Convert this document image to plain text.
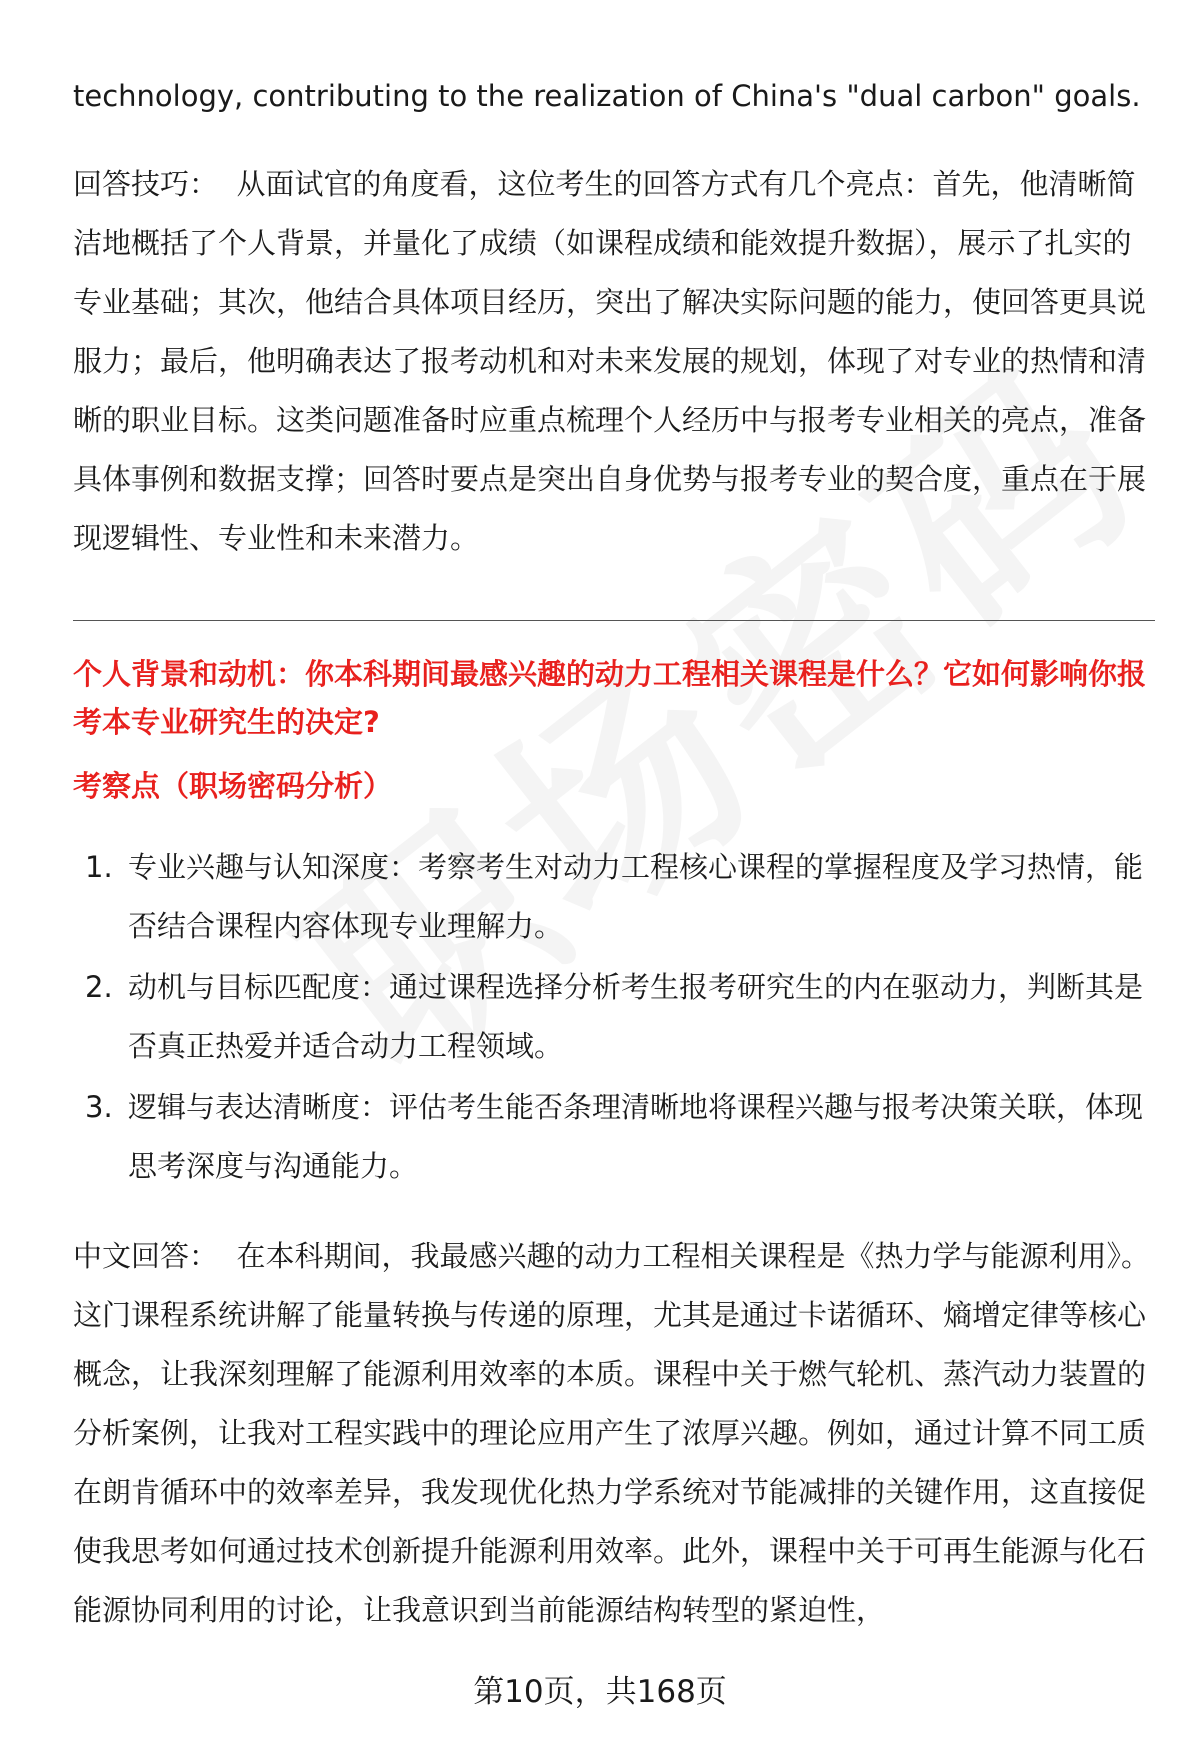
technology, contributing to the realization of China's "dual carbon" goals.

回答技巧： 从面试官的角度看，这位考生的回答方式有几个亮点：首先，他清晰简洁地概括了个人背景，并量化了成绩（如课程成绩和能效提升数据），展示了扎实的专业基础；其次，他结合具体项目经历，突出了解决实际问题的能力，使回答更具说服力；最后，他明确表达了报考动机和对未来发展的规划，体现了对专业的热情和清晰的职业目标。这类问题准备时应重点梳理个人经历中与报考专业相关的亮点，准备具体事例和数据支撑；回答时要点是突出自身优势与报考专业的契合度，重点在于展现逻辑性、专业性和未来潜力。

个人背景和动机：你本科期间最感兴趣的动力工程相关课程是什么？它如何影响你报考本专业研究生的决定?

考察点（职场密码分析）

1. 专业兴趣与认知深度：考察考生对动力工程核心课程的掌握程度及学习热情，能否结合课程内容体现专业理解力。
2. 动机与目标匹配度：通过课程选择分析考生报考研究生的内在驱动力，判断其是否真正热爱并适合动力工程领域。
3. 逻辑与表达清晰度：评估考生能否条理清晰地将课程兴趣与报考决策关联，体现思考深度与沟通能力。

中文回答： 在本科期间，我最感兴趣的动力工程相关课程是《热力学与能源利用》。这门课程系统讲解了能量转换与传递的原理，尤其是通过卡诺循环、熵增定律等核心概念，让我深刻理解了能源利用效率的本质。课程中关于燃气轮机、蒸汽动力装置的分析案例，让我对工程实践中的理论应用产生了浓厚兴趣。例如，通过计算不同工质在朗肯循环中的效率差异，我发现优化热力学系统对节能减排的关键作用，这直接促使我思考如何通过技术创新提升能源利用效率。此外，课程中关于可再生能源与化石能源协同利用的讨论，让我意识到当前能源结构转型的紧迫性，

第10页，共168页
